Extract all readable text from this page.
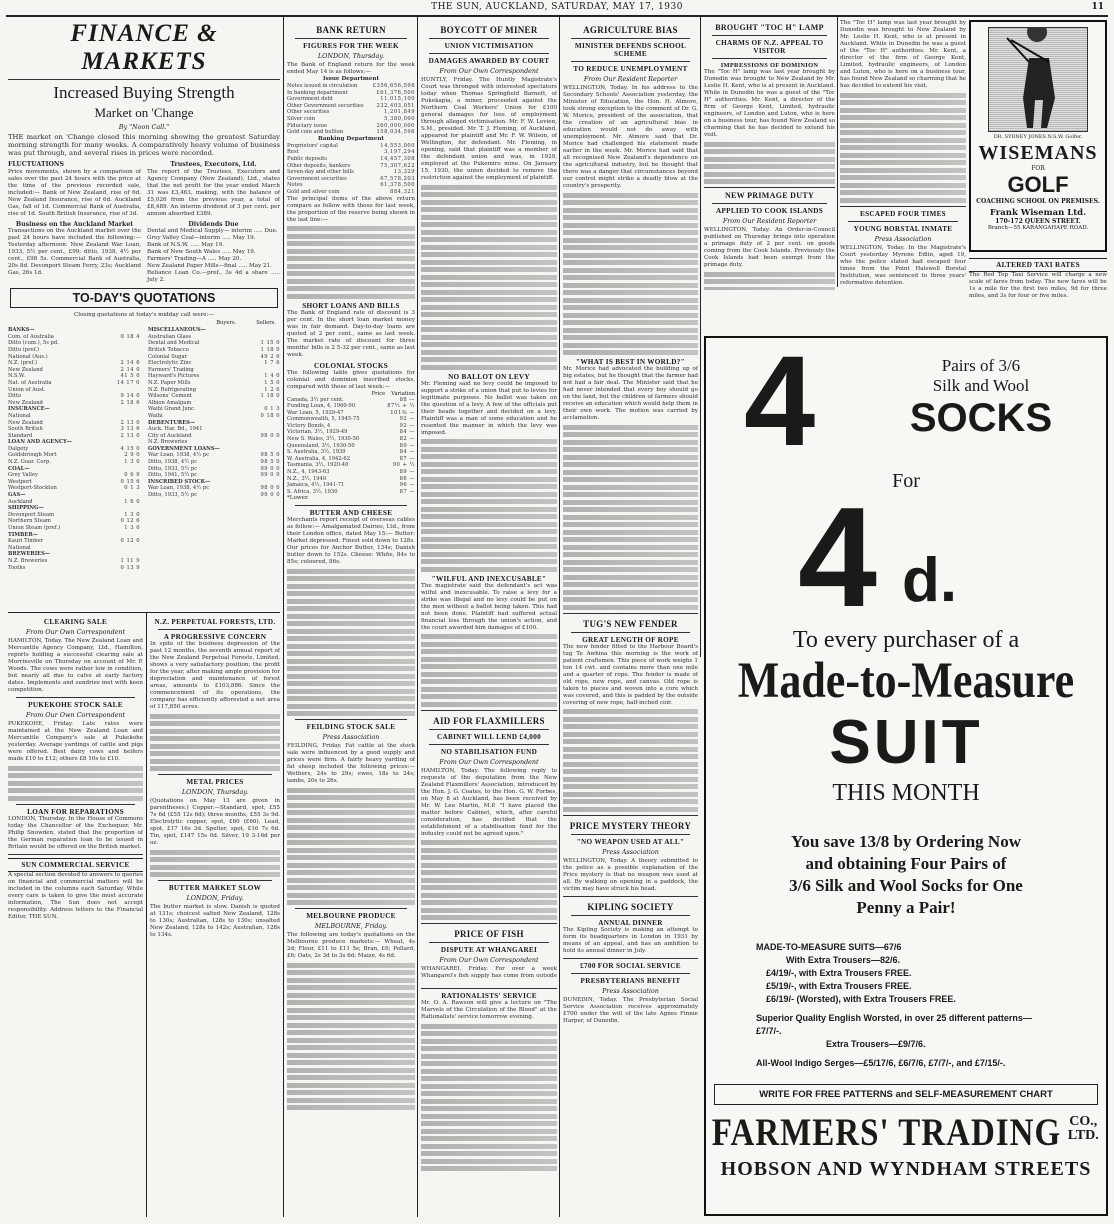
THE SUN, AUCKLAND, SATURDAY, MAY 17, 1930	11
FINANCE & MARKETS
Increased Buying Strength
Market on 'Change
By "Noon Call."
THE market on 'Change closed this morning showing the greatest Saturday morning strength for many weeks. A comparatively heavy volume of business was put through, and several rises in prices were recorded.
FLUCTUATIONS
Price movements, shown by a comparison of sales over the past 24 hours with the price at the time of the previous recorded sale, included:— Bank of New Zealand, rise of 6d. New Zealand Insurance, rise of 6d. Auckland Gas, fall of 1d. Commercial Bank of Australia, rise of 1d. South British Insurance, rise of 3d.
Business on the Auckland Market
Transactions on the Auckland market over the past 24 hours have included the following:— Yesterday afternoon: New Zealand War Loan, 1933, 5½ per cent., £99; ditto, 1938, 4½ per cent., £98 5s. Commercial Bank of Australia, 20s 8d. Devonport Steam Ferry, 23s; Auckland Gas, 26s 1d.
Trustees, Executors, Ltd.
The report of the Trustees, Executors and Agency Company (New Zealand), Ltd., states that the net profit for the year ended March 31 was £3,463, making, with the balance of £5,026 from the previous year, a total of £8,489. An interim dividend of 3 per cent. per annum absorbed £389.
Dividends Due
Dental and Medical Supply— interim ..... Due.
Grey Valley Coal—interim ..... May 19.
Bank of N.S.W. ..... May 19.
Bank of New South Wales ..... May 19.
Farmers' Trading—A ..... May 20.
New Zealand Paper Mills—final ..... May 21.
Reliance Loan Co.—pref., 3s 4d a share ..... July 2.
TO-DAY'S QUOTATIONS
Closing quotations at today's midday call were:—
Buyers.	Sellers.
BANKS—
Com. of Australia	0 18 4
Ditto (cum.), 5s pd.
Ditto (pref.)
National (Aus.)
N.Z. (pref.)	2 14 6
New Zealand	2 14 0
N.S.W.	41 5 0
Nat. of Australia	14 17 0
Union of Aust.
Ditto	9 14 0
New Zealand	2 18 6
INSURANCE—
National
New Zealand	2 13 0
South British	3 13 6
Standard	2 13 0
LOAN AND AGENCY—
Dalgety	4 15 0
Goldsbrough Mort	2 9 0
N.Z. Guar. Corp.	1 3 0
COAL—
Grey Valley	0 6 9
Westport	0 15 6
Westport-Stockton	0 1 3
GAS—
Auckland	1 6 0
SHIPPING—
Devonport Steam	1 3 0
Northern Steam	0 12 6
Union Steam (pref.)	1 3 0
TIMBER—
Kauri Timber	0 12 0
National
BREWERIES—
N.Z. Breweries	1 11 9
Tooths	0 13 9
MISCELLANEOUS—
Australian Glass
Dental and Medical	1 15 0
British Tobacco	1 18 0
Colonial Sugar	49 2 6
Electrolytic Zinc	1 7 6
Farmers' Trading
Hayward's Pictures	1 4 0
N.Z. Paper Mills	1 5 0
N.Z. Refrigerating	1 2 6
Wilsons' Cement	1 18 0
Albion Amalgam
Waihi Grand Junc.	0 1 3
Waihi	0 18 0
DEBENTURES—
Auck. Har. Bd., 1941
City of Auckland	98 0 0
N.Z. Breweries
GOVERNMENT LOANS—
War Loan, 1938, 4½ pc	98 5 0
Ditto, 1938, 4½ pc	98 5 0
Ditto, 1933, 5½ pc	99 0 0
Ditto, 1941, 5½ pc	99 0 0
INSCRIBED STOCK—
War Loan, 1938, 4½ pc	98 0 0
Ditto, 1933, 5½ pc	99 0 0
CLEARING SALE
From Our Own Correspondent
HAMILTON, Today. The New Zealand Loan and Mercantile Agency Company, Ltd., Hamilton, reports holding a successful clearing sale at Morrinsville on Thursday on account of Mr. P. Woods. The cows were rather low in condition, but nearly all due to calve at early factory dates. Implements and sundries met with keen competition.
PUKEKOHE STOCK SALE
From Our Own Correspondent
PUKEKOHE, Friday. Late rates were maintained at the New Zealand Loan and Mercantile Company's sale at Pukekohe yesterday. Average yardings of cattle and pigs were offered. Best dairy cows and heifers made £10 to £12; others £8 10s to £10.
LOAN FOR REPARATIONS
LONDON, Thursday. In the House of Commons today the Chancellor of the Exchequer, Mr. Philip Snowden, stated that the proportion of the German reparation loan to be issued in Britain would be offered on the British market.
SUN COMMERCIAL SERVICE
A special section devoted to answers to queries on financial and commercial matters will be included in the columns each Saturday. While every care is taken to give the most accurate information, The Sun does not accept responsibility. Address letters to the Financial Editor, THE SUN.
N.Z. PERPETUAL FORESTS, LTD.
A PROGRESSIVE CONCERN
In spite of the business depression of the past 12 months, the seventh annual report of the New Zealand Perpetual Forests, Limited, shows a very satisfactory position; the profit for the year, after making ample provision for depreciation and maintenance of forest areas, amounts to £103,886. Since the commencement of its operations, the company has efficiently afforested a net area of 117,850 acres.
METAL PRICES
LONDON, Thursday.
(Quotations on May 13 are given in parentheses.) Copper.—Standard, spot, £55 7s 6d (£55 12s 6d); three months, £55 3s 9d. Electrolytic copper, spot, £60 (£60). Lead, spot, £17 16s 3d. Spelter, spot, £16 7s 6d. Tin, spot, £147 15s 0d. Silver, 19 3-16d per oz.
BUTTER MARKET SLOW
LONDON, Friday.
The butter market is slow. Danish is quoted at 131s; choicest salted New Zealand, 128s to 130s; Australian, 128s to 130s; unsalted New Zealand, 128s to 142s; Australian, 128s to 134s.
BANK RETURN
FIGURES FOR THE WEEK
LONDON, Thursday.
The Bank of England return for the week ended May 14 is as follows:—
Issue Department
Notes issued in circulation	£356,656,598
In banking department	£61,378,500
Government debt	11,015,100
Other Government securities 232,403,051
Other securities	1,201,849
Silver coin	5,380,000
Fiduciary issue	260,000,000
Gold coin and bullion	158,034,598
Banking Department
Proprietors' capital	14,553,000
Rest	3,197,294
Public deposits	14,457,308
Other deposits, bankers	75,307,622
Seven-day and other bills	13,329
Government securities	67,578,203
Notes	61,378,500
Gold and silver coin	884,321
The principal items of the above return compare as follow with those for last week, the proportion of the reserve being shown in the last line:—
SHORT LOANS AND BILLS
The Bank of England rate of discount is 3 per cent. In the short loan market money was in fair demand. Day-to-day loans are quoted at 2 per cent., same as last week. The market rate of discount for three months' bills is 2 5-32 per cent., same as last week.
COLONIAL STOCKS
The following table gives quotations for colonial and dominion inscribed stocks, compared with those of last week:—
Price Variation
Canada, 3½ per cent.	88 —
Funding Loan, 4, 1960-90	87½ + ½
War Loan, 5, 1929-47	101⅜ —
Commonwealth, 5, 1945-75	92 —
Victory Bonds, 4	92 —
Victorian, 3½, 1929-49	84 —
New S. Wales, 3½, 1930-50	82 —
Queensland, 3½, 1930-50	80 —
S. Australia, 3½, 1939	84 —
W. Australia, 4, 1942-62	87 —
Tasmania, 3½, 1920-40	90 + ½
N.Z., 4, 1943-63	89 —
N.Z., 3½, 1940	86 —
Jamaica, 4½, 1941-71	96 —
S. Africa, 3½, 1930	87 —
*Lower.
BUTTER AND CHEESE
Merchants report receipt of overseas cables as follow:— Amalgamated Dairies, Ltd., from their London office, dated May 15:— Butter: Market depressed. Finest sold down to 128s. Our prices for Anchor Butter, 134s; Danish butter down to 152s. Cheese: White, 84s to 85s; coloured, 86s.
FEILDING STOCK SALE
Press Association
FEILDING, Friday. Fat cattle at the stock sale were influenced by a good supply and prices were firm. A fairly heavy yarding of fat sheep included the following prices:— Wethers, 24s to 29s; ewes, 18s to 24s; lambs, 20s to 26s.
MELBOURNE PRODUCE
MELBOURNE, Friday.
The following are today's quotations on the Melbourne produce markets:— Wheat, 4s 2d; Flour, £11 to £11 5s; Bran, £6; Pollard, £6; Oats, 2s 3d to 3s 6d; Maize, 4s 6d.
BOYCOTT OF MINER
UNION VICTIMISATION
DAMAGES AWARDED BY COURT
From Our Own Correspondent
HUNTLY, Friday. The Huntly Magistrate's Court was thronged with interested spectators today when Thomas Springfield Barnett, of Pukekapia, a miner, proceeded against the Northern Coal Workers' Union for £100 general damages for loss of employment through alleged victimisation. Mr. F. W. Levien, S.M., presided. Mr. T. J. Fleming, of Auckland, appeared for plaintiff and Mr. F. W. Wilson, of Wellington, for defendant. Mr. Fleming, in opening, said that plaintiff was a member of the defendant union and was, in 1929, employed at the Pukemiro mine. On January 15, 1930, the union decided to remove the restriction against the employment of plaintiff.
NO BALLOT ON LEVY
Mr. Fleming said no levy could be imposed to support a strike of a union that put to levies for legitimate purposes. No ballot was taken on the question of a levy. A few of the officials put their heads together and decided on a levy. Plaintiff was a man of some education and he resented the manner in which the levy was imposed.
"WILFUL AND INEXCUSABLE"
The magistrate said the defendant's act was wilful and inexcusable. To raise a levy for a strike was illegal and no levy could be put on the men without a ballot being taken. This had not been done. Plaintiff had suffered actual financial loss through the union's action, and the court awarded him damages of £100.
AID FOR FLAXMILLERS
CABINET WILL LEND £4,000
NO STABILISATION FUND
From Our Own Correspondent
HAMILTON, Today. The following reply to requests of the deputation from the New Zealand Flaxmillers' Association, introduced by the Hon. J. G. Coates, to the Hon. G. W. Forbes, on May 8 at Auckland, has been received by Mr. W. Lee Martin, M.P. "I have placed the matter before Cabinet, which, after careful consideration, has decided that the establishment of a stabilisation fund for the industry could not be agreed upon."
PRICE OF FISH
DISPUTE AT WHANGAREI
From Our Own Correspondent
WHANGAREI, Friday. For over a week Whangarei's fish supply has come from outside
RATIONALISTS' SERVICE
Mr. O. A. Rawson will give a lecture on "The Marvels of the Circulation of the Blood" at the Rationalists' service tomorrow evening.
AGRICULTURE BIAS
MINISTER DEFENDS SCHOOL SCHEME
TO REDUCE UNEMPLOYMENT
From Our Resident Reporter
WELLINGTON, Today. In his address to the Secondary Schools' Association yesterday, the Minister of Education, the Hon. H. Atmore, took strong exception to the comment of Dr. G. W. Morice, president of the association, that the creation of an agricultural bias in education would not do away with unemployment. Mr. Atmore said that Dr. Morice had challenged his statement made earlier in the week. Mr. Morice had said that all recognised New Zealand's dependence on the agricultural industry, but he thought that there was a danger that circumstances beyond our control might strike a deadly blow at the country's prosperity.
"WHAT IS BEST IN WORLD?"
Mr. Morice had advocated the building up of big estates, but he thought that the farmer had not had a fair deal. The Minister said that he had never intended that every boy should go on the land, but the children of farmers should receive an education which would help them in their own work. The motion was carried by acclamation.
TUG'S NEW FENDER
GREAT LENGTH OF ROPE
The new fender fitted to the Harbour Board's tug Te Awhina this morning is the work of patient craftsmen. This piece of work weighs 1 ton 14 cwt. and contains more than one mile and a quarter of rope. The fender is made of old rope, new rope, and canvas. Old rope is taken to pieces and woven into a core which was covered, and this is padded by the outside covering of new rope, half-inched coir.
PRICE MYSTERY THEORY
"NO WEAPON USED AT ALL"
Press Association
WELLINGTON, Today. A theory submitted to the police as a possible explanation of the Price mystery is that no weapon was used at all. By walking on opening in a paddock, the victim may have struck his head.
KIPLING SOCIETY
ANNUAL DINNER
The Kipling Society is making an attempt to form its headquarters in London in 1931 by means of an appeal, and has an ambition to hold its annual dinner in July.
£700 FOR SOCIAL SERVICE
PRESBYTERIANS BENEFIT
Press Association
DUNEDIN, Today. The Presbyterian Social Service Association receives approximately £700 under the will of the late Agnes Finnie Harper, of Dunedin.
BROUGHT "TOC H" LAMP
CHARMS OF N.Z. APPEAL TO VISITOR
IMPRESSIONS OF DOMINION
The "Toc H" lamp was last year brought by Dunedin was brought to New Zealand by Mr. Leslie H. Kent, who is at present in Auckland. While in Dunedin he was a guest of the "Toc H" authorities. Mr. Kent, a director of the firm of George Kent, Limited, hydraulic engineers, of London and Luton, who is here on a business tour, has found New Zealand so charming that he has decided to extend his visit.
NEW PRIMAGE DUTY
APPLIED TO COOK ISLANDS
From Our Resident Reporter
WELLINGTON, Today. An Order-in-Council published on Thursday brings into operation a primage duty of 2 per cent. on goods coming from the Cook Islands. Previously the Cook Islands had been exempt from the primage duty.
The "Toc H" lamp was last year brought by Dunedin was brought to New Zealand by Mr. Leslie H. Kent, who is at present in Auckland. While in Dunedin he was a guest of the "Toc H" authorities. Mr. Kent, a director of the firm of George Kent, Limited, hydraulic engineers, of London and Luton, who is here on a business tour, has found New Zealand so charming that he has decided to extend his visit.
ESCAPED FOUR TIMES
YOUNG BORSTAL INMATE
Press Association
WELLINGTON, Today. In the Magistrate's Court yesterday Myrene Edlin, aged 19, who the police stated had escaped four times from the Point Halswell Borstal Institution, was sentenced to three years' reformative detention.
DR. SYDNEY JONES N.S.W. Golfer.
WISEMANS
FOR
GOLF
COACHING SCHOOL ON PREMISES.
Frank Wiseman Ltd.
170-172 QUEEN STREET.
Branch—55 KARANGAHAPE ROAD.
ALTERED TAXI RATES
The Red Top Taxi Service will charge a new scale of fares from today. The new fares will be 1s a mile for the first two miles, 9d for three miles, and 3s for four or five miles.
4	Pairs of 3/6
Silk and Wool
SOCKS
For
4 d.
To every purchaser of a
Made-to-Measure
SUIT
THIS MONTH
You save 13/8 by Ordering Now
and obtaining Four Pairs of
3/6 Silk and Wool Socks for One
Penny a Pair!
MADE-TO-MEASURE SUITS—67/6
With Extra Trousers—82/6.
£4/19/-, with Extra Trousers FREE.
£5/19/-, with Extra Trousers FREE.
£6/19/- (Worsted), with Extra Trousers FREE.
Superior Quality English Worsted, in over 25 different patterns—£7/7/-.
Extra Trousers—£9/7/6.
All-Wool Indigo Serges—£5/17/6, £6/7/6, £7/7/-, and £7/15/-.
WRITE FOR FREE PATTERNS and SELF-MEASUREMENT CHART
FARMERS' TRADING CO., LTD.
HOBSON AND WYNDHAM STREETS
